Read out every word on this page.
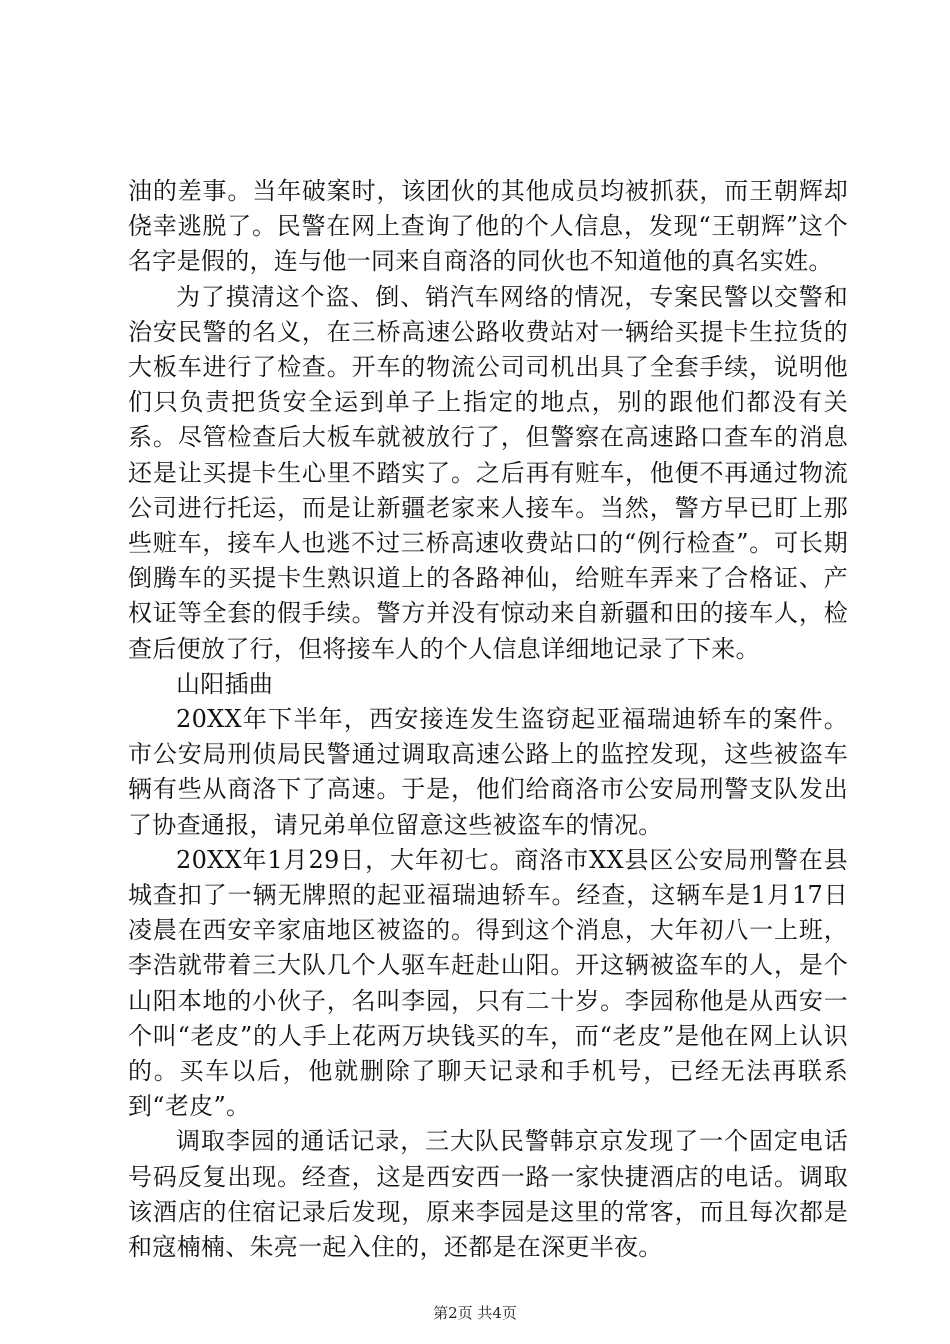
油的差事。当年破案时，该团伙的其他成员均被抓获，而王朝辉却侥幸逃脱了。民警在网上查询了他的个人信息，发现“王朝辉”这个名字是假的，连与他一同来自商洛的同伙也不知道他的真名实姓。

为了摸清这个盗、倒、销汽车网络的情况，专案民警以交警和治安民警的名义，在三桥高速公路收费站对一辆给买提卡生拉货的大板车进行了检查。开车的物流公司司机出具了全套手续，说明他们只负责把货安全运到单子上指定的地点，别的跟他们都没有关系。尽管检查后大板车就被放行了，但警察在高速路口查车的消息还是让买提卡生心里不踏实了。之后再有赃车，他便不再通过物流公司进行托运，而是让新疆老家来人接车。当然，警方早已盯上那些赃车，接车人也逃不过三桥高速收费站口的“例行检查”。可长期倒腾车的买提卡生熟识道上的各路神仙，给赃车弄来了合格证、产权证等全套的假手续。警方并没有惊动来自新疆和田的接车人，检查后便放了行，但将接车人的个人信息详细地记录了下来。

山阳插曲

20XX年下半年，西安接连发生盗窃起亚福瑞迪轿车的案件。市公安局刑侦局民警通过调取高速公路上的监控发现，这些被盗车辆有些从商洛下了高速。于是，他们给商洛市公安局刑警支队发出了协查通报，请兄弟单位留意这些被盗车的情况。

20XX年1月29日，大年初七。商洛市XX县区公安局刑警在县城查扣了一辆无牌照的起亚福瑞迪轿车。经查，这辆车是1月17日凌晨在西安辛家庙地区被盗的。得到这个消息，大年初八一上班，李浩就带着三大队几个人驱车赶赴山阳。开这辆被盗车的人，是个山阳本地的小伙子，名叫李园，只有二十岁。李园称他是从西安一个叫“老皮”的人手上花两万块钱买的车，而“老皮”是他在网上认识的。买车以后，他就删除了聊天记录和手机号，已经无法再联系到“老皮”。

调取李园的通话记录，三大队民警韩京京发现了一个固定电话号码反复出现。经查，这是西安西一路一家快捷酒店的电话。调取该酒店的住宿记录后发现，原来李园是这里的常客，而且每次都是和寇楠楠、朱亮一起入住的，还都是在深更半夜。

第2页 共4页
